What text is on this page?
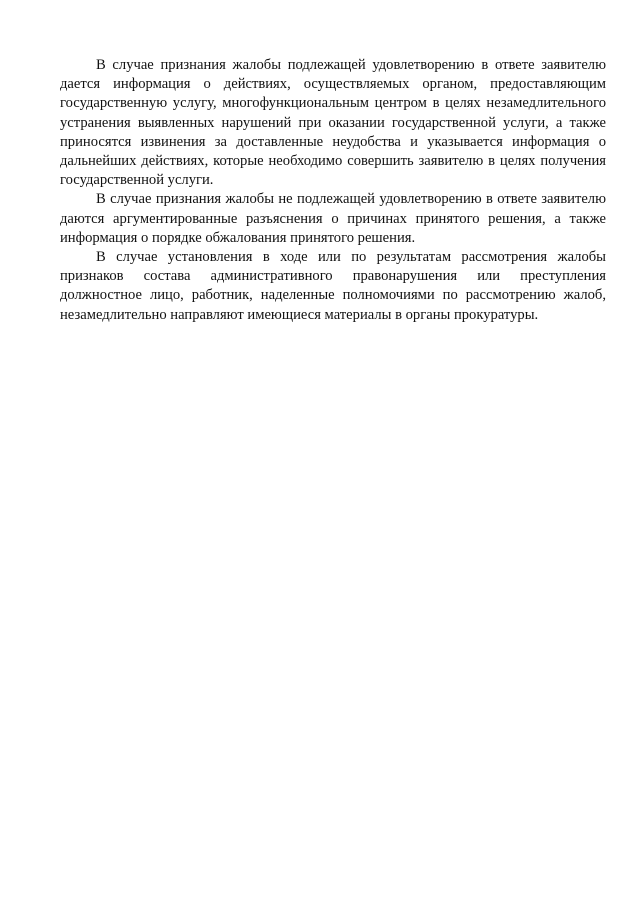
В случае признания жалобы подлежащей удовлетворению в ответе заявителю дается информация о действиях, осуществляемых органом, предоставляющим государственную услугу, многофункциональным центром в целях незамедлительного устранения выявленных нарушений при оказании государственной услуги, а также приносятся извинения за доставленные неудобства и указывается информация о дальнейших действиях, которые необходимо совершить заявителю в целях получения государственной услуги.

В случае признания жалобы не подлежащей удовлетворению в ответе заявителю даются аргументированные разъяснения о причинах принятого решения, а также информация о порядке обжалования принятого решения.

В случае установления в ходе или по результатам рассмотрения жалобы признаков состава административного правонарушения или преступления должностное лицо, работник, наделенные полномочиями по рассмотрению жалоб, незамедлительно направляют имеющиеся материалы в органы прокуратуры.
